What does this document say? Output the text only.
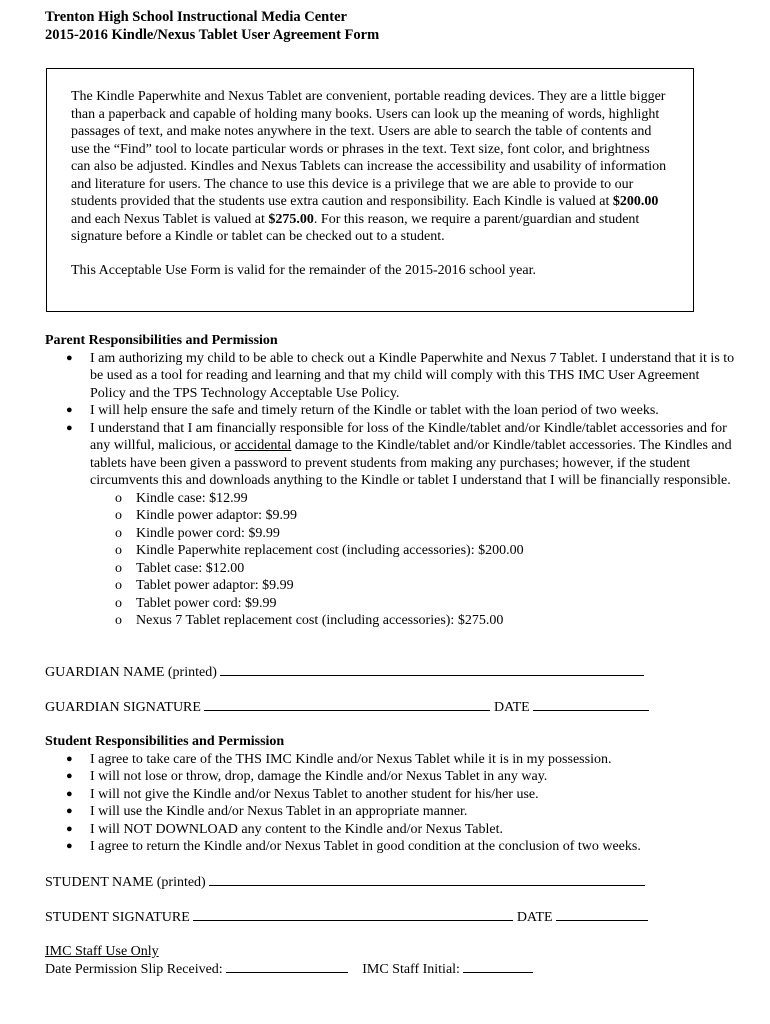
Trenton High School Instructional Media Center
2015-2016 Kindle/Nexus Tablet User Agreement Form

The Kindle Paperwhite and Nexus Tablet are convenient, portable reading devices. They are a little bigger than a paperback and capable of holding many books. Users can look up the meaning of words, highlight passages of text, and make notes anywhere in the text. Users are able to search the table of contents and use the “Find” tool to locate particular words or phrases in the text. Text size, font color, and brightness can also be adjusted. Kindles and Nexus Tablets can increase the accessibility and usability of information and literature for users. The chance to use this device is a privilege that we are able to provide to our students provided that the students use extra caution and responsibility. Each Kindle is valued at $200.00 and each Nexus Tablet is valued at $275.00. For this reason, we require a parent/guardian and student signature before a Kindle or tablet can be checked out to a student.

This Acceptable Use Form is valid for the remainder of the 2015-2016 school year.

Parent Responsibilities and Permission
● I am authorizing my child to be able to check out a Kindle Paperwhite and Nexus 7 Tablet. I understand that it is to be used as a tool for reading and learning and that my child will comply with this THS IMC User Agreement Policy and the TPS Technology Acceptable Use Policy.
● I will help ensure the safe and timely return of the Kindle or tablet with the loan period of two weeks.
● I understand that I am financially responsible for loss of the Kindle/tablet and/or Kindle/tablet accessories and for any willful, malicious, or accidental damage to the Kindle/tablet and/or Kindle/tablet accessories. The Kindles and tablets have been given a password to prevent students from making any purchases; however, if the student circumvents this and downloads anything to the Kindle or tablet I understand that I will be financially responsible.
o Kindle case: $12.99
o Kindle power adaptor: $9.99
o Kindle power cord: $9.99
o Kindle Paperwhite replacement cost (including accessories): $200.00
o Tablet case: $12.00
o Tablet power adaptor: $9.99
o Tablet power cord: $9.99
o Nexus 7 Tablet replacement cost (including accessories): $275.00
GUARDIAN NAME (printed)
GUARDIAN SIGNATURE	DATE
Student Responsibilities and Permission
● I agree to take care of the THS IMC Kindle and/or Nexus Tablet while it is in my possession.
● I will not lose or throw, drop, damage the Kindle and/or Nexus Tablet in any way.
● I will not give the Kindle and/or Nexus Tablet to another student for his/her use.
● I will use the Kindle and/or Nexus Tablet in an appropriate manner.
● I will NOT DOWNLOAD any content to the Kindle and/or Nexus Tablet.
● I agree to return the Kindle and/or Nexus Tablet in good condition at the conclusion of two weeks.
STUDENT NAME (printed)
STUDENT SIGNATURE	DATE
IMC Staff Use Only
Date Permission Slip Received:	IMC Staff Initial:
